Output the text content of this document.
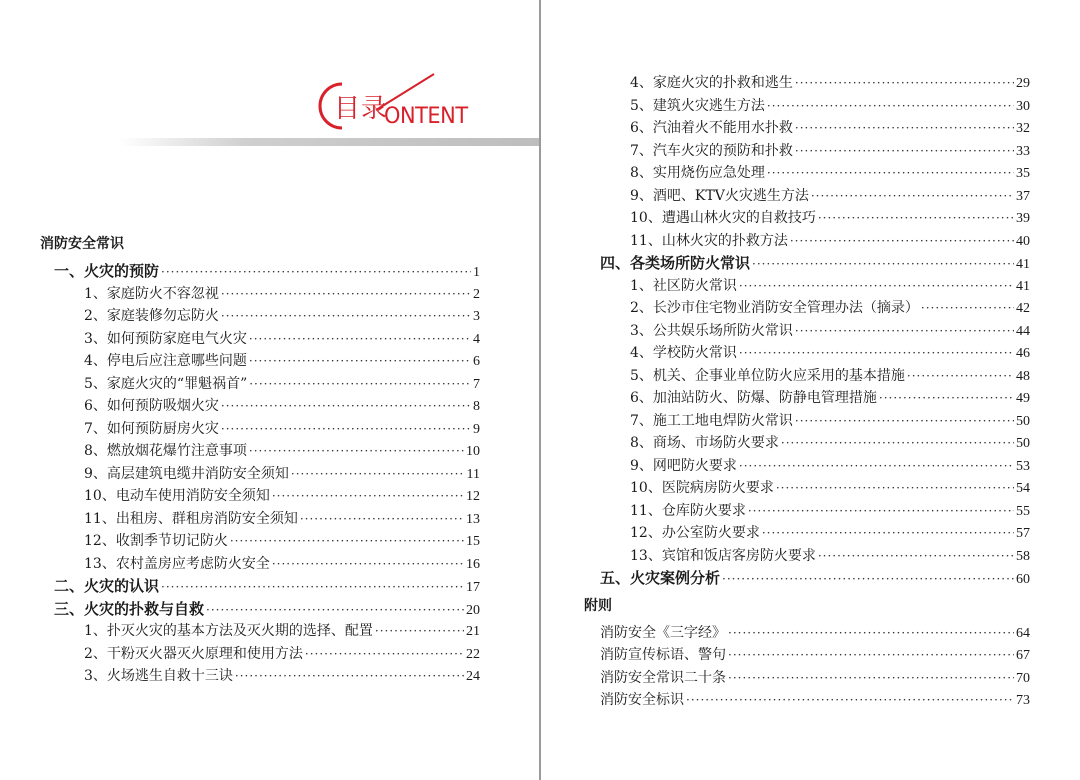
目录
ONTENT
消防安全常识
一、火灾的预防 ·····	1
1、家庭防火不容忽视 ·····	2
2、家庭装修勿忘防火 ·····	3
3、如何预防家庭电气火灾 ·····	4
4、停电后应注意哪些问题 ·····	6
5、家庭火灾的“罪魁祸首” ·····	7
6、如何预防吸烟火灾 ·····	8
7、如何预防厨房火灾 ·····	9
8、燃放烟花爆竹注意事项 ·····	10
9、高层建筑电缆井消防安全须知 ·····	11
10、电动车使用消防安全须知 ·····	12
11、出租房、群租房消防安全须知 ·····	13
12、收割季节切记防火 ·····	15
13、农村盖房应考虑防火安全 ·····	16
二、火灾的认识 ·····	17
三、火灾的扑救与自救 ·····	20
1、扑灭火灾的基本方法及灭火期的选择、配置 ·····	21
2、干粉灭火器灭火原理和使用方法 ·····	22
3、火场逃生自救十三诀 ·····	24
4、家庭火灾的扑救和逃生 ·····	29
5、建筑火灾逃生方法 ·····	30
6、汽油着火不能用水扑救 ·····	32
7、汽车火灾的预防和扑救 ·····	33
8、实用烧伤应急处理 ·····	35
9、酒吧、KTV火灾逃生方法 ·····	37
10、遭遇山林火灾的自救技巧 ·····	39
11、山林火灾的扑救方法 ·····	40
四、各类场所防火常识 ·····	41
1、社区防火常识 ·····	41
2、长沙市住宅物业消防安全管理办法（摘录） ·····	42
3、公共娱乐场所防火常识 ·····	44
4、学校防火常识 ·····	46
5、机关、企事业单位防火应采用的基本措施 ·····	48
6、加油站防火、防爆、防静电管理措施 ·····	49
7、施工工地电焊防火常识 ·····	50
8、商场、市场防火要求 ·····	50
9、网吧防火要求 ·····	53
10、医院病房防火要求 ·····	54
11、仓库防火要求 ·····	55
12、办公室防火要求 ·····	57
13、宾馆和饭店客房防火要求 ·····	58
五、火灾案例分析 ·····	60
附则
消防安全《三字经》 ·····	64
消防宣传标语、警句 ·····	67
消防安全常识二十条 ·····	70
消防安全标识 ·····	73
